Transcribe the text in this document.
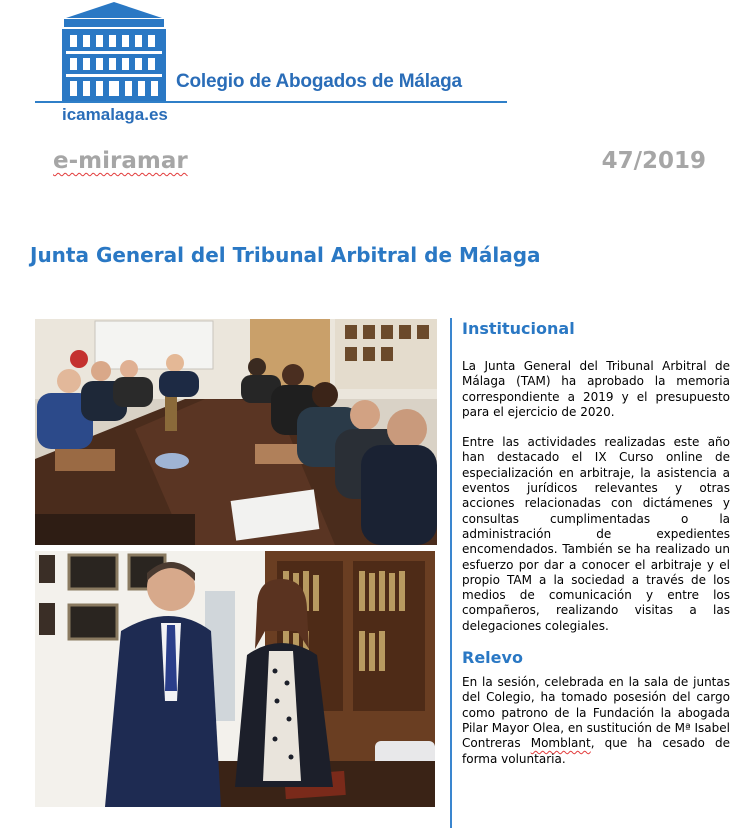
Colegio de Abogados de Málaga
icamalaga.es
e-miramar	47/2019
Junta General del Tribunal Arbitral de Málaga
Institucional

La Junta General del Tribunal Arbitral de Málaga (TAM) ha aprobado la memoria correspondiente a 2019 y el presupuesto para el ejercicio de 2020.

Entre las actividades realizadas este año han destacado el IX Curso online de especialización en arbitraje, la asistencia a eventos jurídicos relevantes y otras acciones relacionadas con dictámenes y consultas cumplimentadas o la administración de expedientes encomendados. También se ha realizado un esfuerzo por dar a conocer el arbitraje y el propio TAM a la sociedad a través de los medios de comunicación y entre los compañeros, realizando visitas a las delegaciones colegiales.

Relevo

En la sesión, celebrada en la sala de juntas del Colegio, ha tomado posesión del cargo como patrono de la Fundación la abogada Pilar Mayor Olea, en sustitución de Mª Isabel Contreras Momblant, que ha cesado de forma voluntaria.
